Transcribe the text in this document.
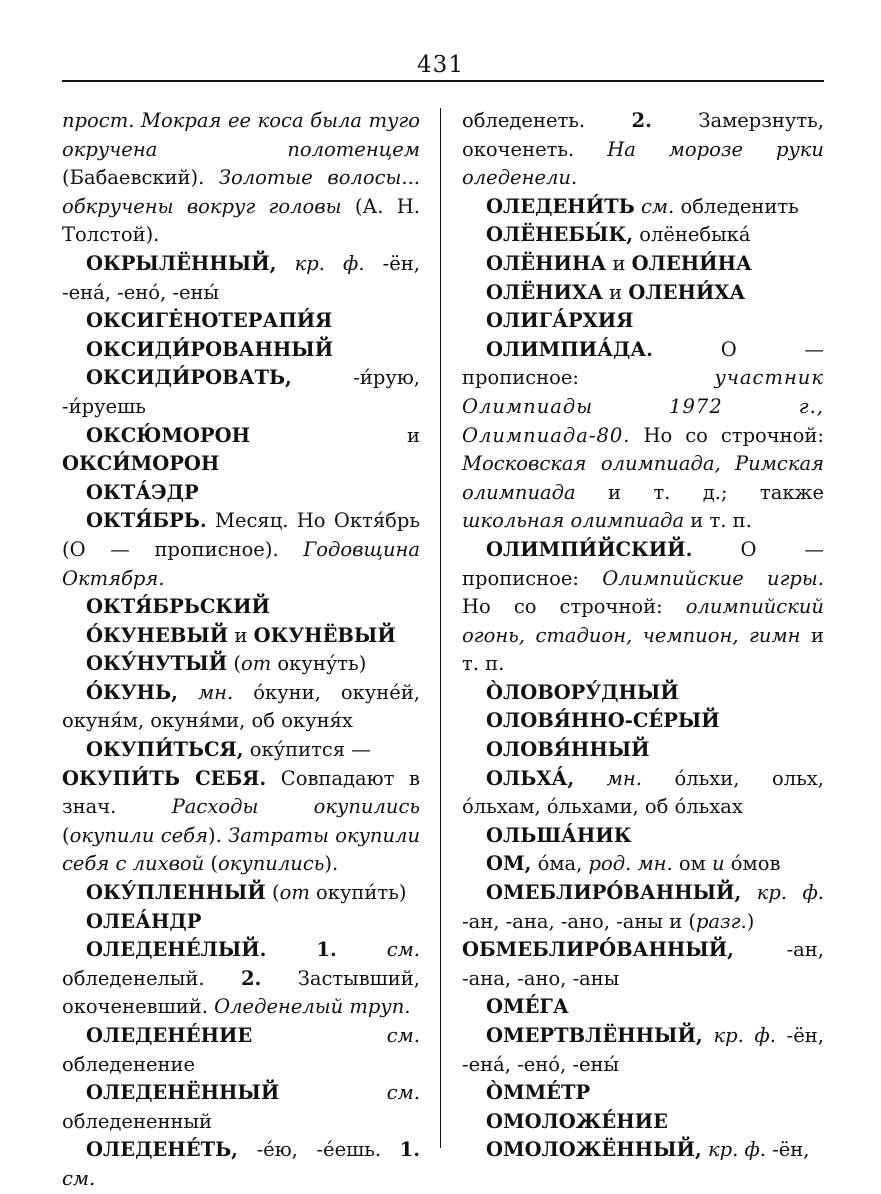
431

прост. Мокрая ее коса была туго окручена полотенцем (Бабаевский). Золотые волосы... обкручены вокруг головы (А. Н. Толстой).

ОКРЫЛЁННЫЙ, кр. ф. -ён, -ена́, -ено́, -ены́

ОКСИГЕ̇НОТЕРАПИ́Я

ОКСИДИ́РОВАННЫЙ

ОКСИДИ́РОВАТЬ, -и́рую, -и́руешь

ОКСЮ́МОРОН и ОКСИ́МОРОН

ОКТА́ЭДР

ОКТЯ́БРЬ. Месяц. Но Октя́брь (О — прописное). Годовщина Октября.

ОКТЯ́БРЬСКИЙ

О́КУНЕВЫЙ и ОКУНЁВЫЙ

ОКУ́НУТЫЙ (от окуну́ть)

О́КУНЬ, мн. о́куни, окуне́й, окуня́м, окуня́ми, об окуня́х

ОКУПИ́ТЬСЯ, оку́пится —

ОКУПИ́ТЬ СЕБЯ. Совпадают в знач. Расходы окупились (окупили себя). Затраты окупили себя с лихвой (окупились).

ОКУ́ПЛЕННЫЙ (от окупи́ть)

ОЛЕА́НДР

ОЛЕДЕНЕ́ЛЫЙ.	1.	см. обледенелый. 2. Застывший, окоченевший. Оледенелый труп.

ОЛЕДЕНЕ́НИЕ	см. обледенение

ОЛЕДЕНЁННЫЙ	см. обледененный

ОЛЕДЕНЕ́ТЬ, -е́ю, -е́ешь. 1. см.

обледенеть. 2. Замерзнуть, окоченеть. На морозе руки оледенели.

ОЛЕДЕНИ́ТЬ см. обледенить

ОЛЁНЕБЫ́К, олёнебыка́

ОЛЁНИНА и ОЛЕНИ́НА

ОЛЁНИХА и ОЛЕНИ́ХА

ОЛИГА́РХИЯ

ОЛИМПИА́ДА. О — прописное: участник Олимпиады 1972 г., Олимпиада-80. Но со строчной: Московская олимпиада, Римская олимпиада и т. д.; также школьная олимпиада и т. п.

ОЛИМПИ́ЙСКИЙ. О — прописное: Олимпийские игры. Но со строчной: олимпийский огонь, стадион, чемпион, гимн и т. п.

О̀ЛОВОРУ́ДНЫЙ

ОЛОВЯ́ННО-СЕ́РЫЙ

ОЛОВЯ́ННЫЙ

ОЛЬХА́, мн. о́льхи, ольх, о́льхам, о́льхами, об о́льхах

ОЛЬША́НИК

ОМ, о́ма, род. мн. ом и о́мов

ОМЕБЛИРО́ВАННЫЙ, кр. ф. -ан, -ана, -ано, -аны и (разг.)

ОБМЕБЛИРО́ВАННЫЙ, -ан, -ана, -ано, -аны

ОМЕ́ГА

ОМЕРТВЛЁННЫЙ, кр. ф. -ён, -ена́, -ено́, -ены́

О̀ММЕ́ТР

ОМОЛОЖЕ́НИЕ

ОМОЛОЖЁННЫЙ, кр. ф. -ён,
